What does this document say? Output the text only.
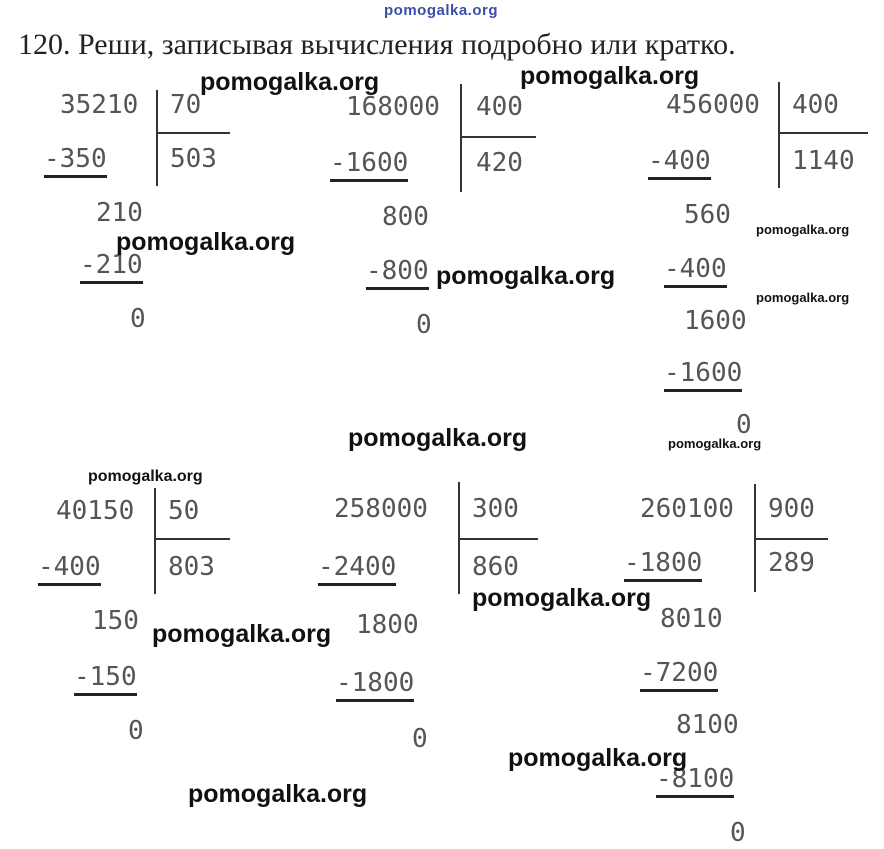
pomogalka.org
120. Реши, записывая вычисления подробно или кратко.
35210 70
503
-350
210
-210
0
168000 400
420
-1600
800
-800
0
456000 400
1140
-400
560
-400
1600
-1600
0
40150 50
803
-400
150
-150
0
258000 300
860
-2400
1800
-1800
0
260100 900
289
-1800
8010
-7200
8100
-8100
0
pomogalka.org	pomogalka.org
pomogalka.org
pomogalka.org
pomogalka.org
pomogalka.org
pomogalka.org	pomogalka.org
pomogalka.org
pomogalka.org
pomogalka.org
pomogalka.org
pomogalka.org
